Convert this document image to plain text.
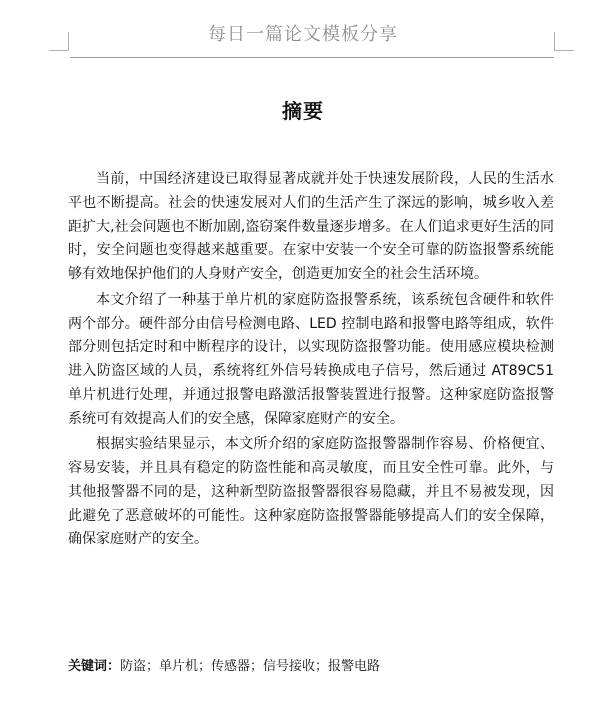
每日一篇论文模板分享
摘要

当前，中国经济建设已取得显著成就并处于快速发展阶段，人民的生活水平也不断提高。社会的快速发展对人们的生活产生了深远的影响，城乡收入差距扩大,社会问题也不断加剧,盗窃案件数量逐步增多。在人们追求更好生活的同时，安全问题也变得越来越重要。在家中安装一个安全可靠的防盗报警系统能够有效地保护他们的人身财产安全，创造更加安全的社会生活环境。

本文介绍了一种基于单片机的家庭防盗报警系统，该系统包含硬件和软件两个部分。硬件部分由信号检测电路、LED 控制电路和报警电路等组成，软件部分则包括定时和中断程序的设计，以实现防盗报警功能。使用感应模块检测进入防盗区域的人员，系统将红外信号转换成电子信号，然后通过 AT89C51 单片机进行处理，并通过报警电路激活报警装置进行报警。这种家庭防盗报警系统可有效提高人们的安全感，保障家庭财产的安全。

根据实验结果显示，本文所介绍的家庭防盗报警器制作容易、价格便宜、容易安装，并且具有稳定的防盗性能和高灵敏度，而且安全性可靠。此外，与其他报警器不同的是，这种新型防盗报警器很容易隐藏，并且不易被发现，因此避免了恶意破坏的可能性。这种家庭防盗报警器能够提高人们的安全保障，确保家庭财产的安全。

关键词：防盗；单片机；传感器；信号接收；报警电路
